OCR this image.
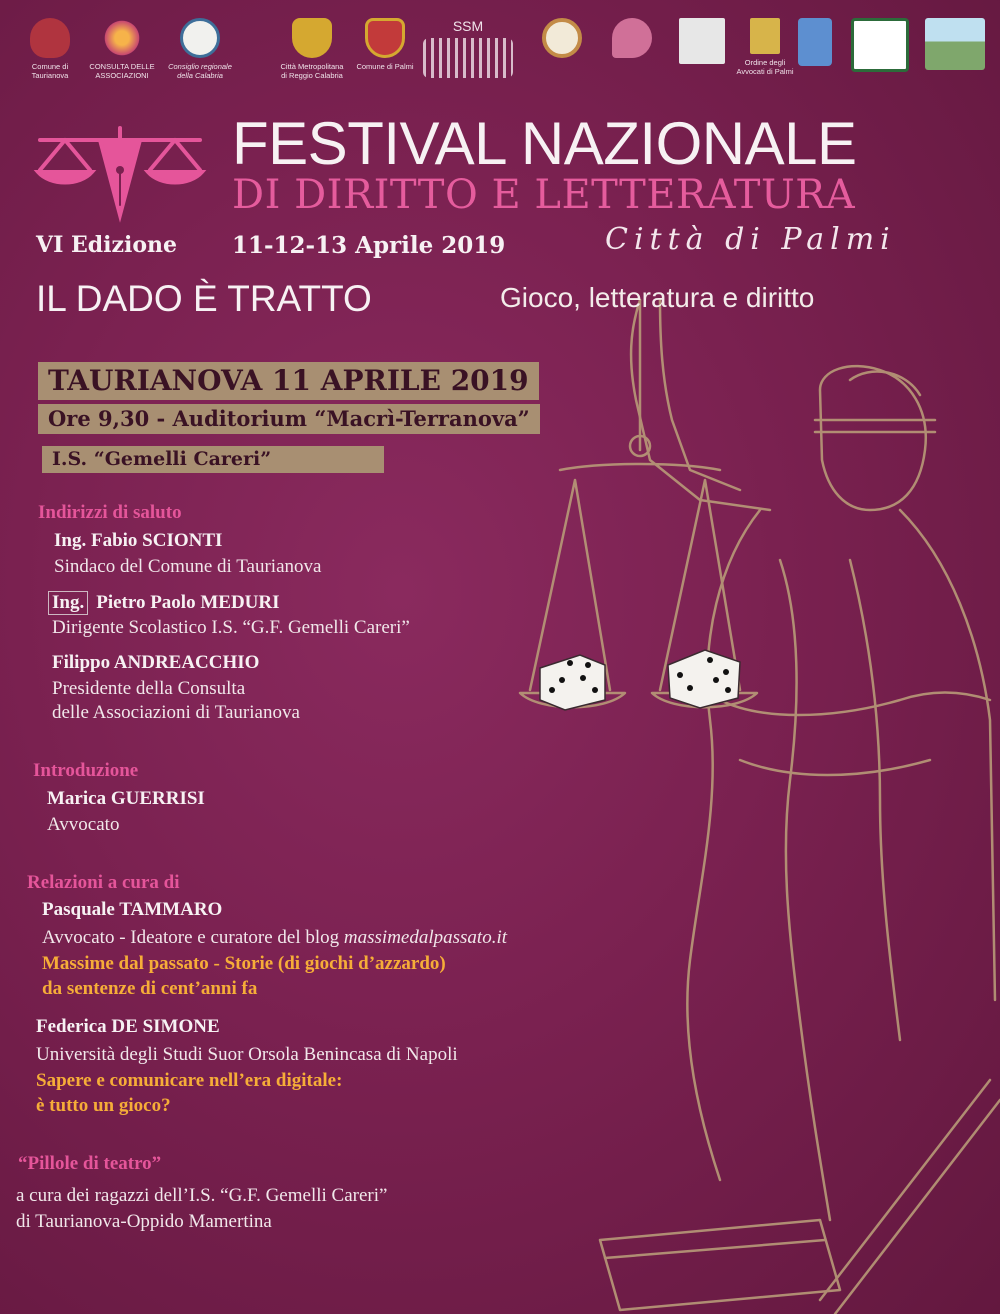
Comune di Taurianova
CONSULTA DELLE ASSOCIAZIONI
Consiglio regionale della Calabria
Città Metropolitana di Reggio Calabria
Comune di Palmi
SSM
Ordine degli Avvocati di Palmi
FESTIVAL NAZIONALE
DI DIRITTO E LETTERATURA
VI Edizione 11-12-13 Aprile 2019	Città di Palmi
IL DADO È TRATTO	Gioco, letteratura e diritto
TAURIANOVA 11 APRILE 2019
Ore 9,30 - Auditorium “Macrì-Terranova”
I.S. “Gemelli Careri”
Indirizzi di saluto
Ing. Fabio SCIONTI
Sindaco del Comune di Taurianova
Ing. Pietro Paolo MEDURI
Dirigente Scolastico I.S. “G.F. Gemelli Careri”
Filippo ANDREACCHIO
Presidente della Consulta
delle Associazioni di Taurianova
Introduzione
Marica GUERRISI
Avvocato
Relazioni a cura di
Pasquale TAMMARO
Avvocato - Ideatore e curatore del blog massimedalpassato.it
Massime dal passato - Storie (di giochi d’azzardo)
da sentenze di cent’anni fa
Federica DE SIMONE
Università degli Studi Suor Orsola Benincasa di Napoli
Sapere e comunicare nell’era digitale:
è tutto un gioco?
“Pillole di teatro”
a cura dei ragazzi dell’I.S. “G.F. Gemelli Careri”
di Taurianova-Oppido Mamertina
